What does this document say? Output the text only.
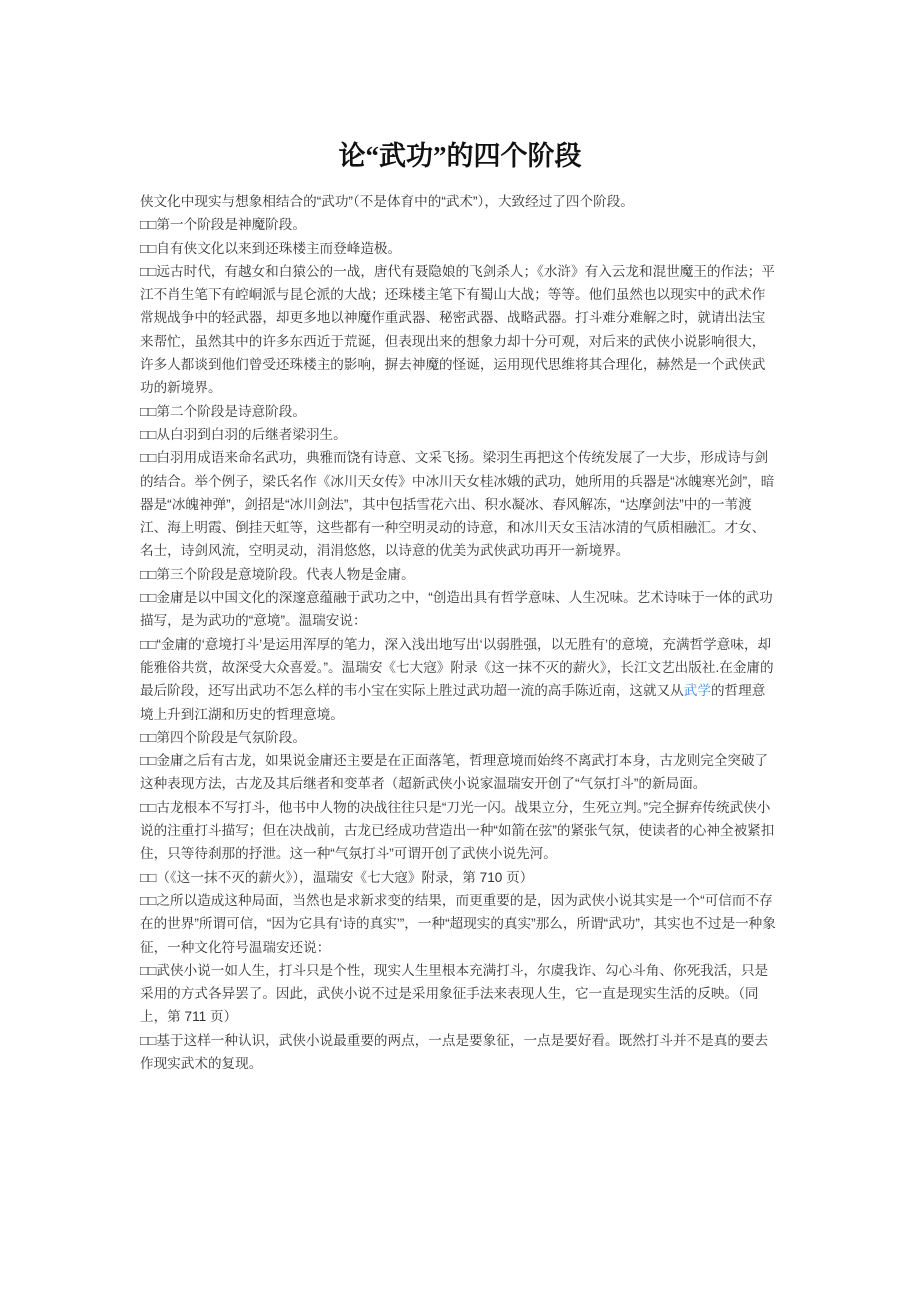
论“武功”的四个阶段

侠文化中现实与想象相结合的“武功”（不是体育中的“武术”），大致经过了四个阶段。

□□第一个阶段是神魔阶段。

□□自有侠文化以来到还珠楼主而登峰造极。

□□远古时代，有越女和白猿公的一战，唐代有聂隐娘的飞剑杀人；《水浒》有入云龙和混世魔王的作法；平江不肖生笔下有崆峒派与昆仑派的大战；还珠楼主笔下有蜀山大战；等等。他们虽然也以现实中的武术作常规战争中的轻武器，却更多地以神魔作重武器、秘密武器、战略武器。打斗难分难解之时，就请出法宝来帮忙，虽然其中的许多东西近于荒诞，但表现出来的想象力却十分可观，对后来的武侠小说影响很大，许多人都谈到他们曾受还珠楼主的影响，摒去神魔的怪诞，运用现代思维将其合理化，赫然是一个武侠武功的新境界。

□□第二个阶段是诗意阶段。

□□从白羽到白羽的后继者梁羽生。

□□白羽用成语来命名武功，典雅而饶有诗意、文采飞扬。梁羽生再把这个传统发展了一大步，形成诗与剑的结合。举个例子，梁氏名作《冰川天女传》中冰川天女桂冰娥的武功，她所用的兵器是“冰魄寒光剑”，暗器是“冰魄神弹”，剑招是“冰川剑法”，其中包括雪花六出、积水凝冰、春风解冻，“达摩剑法”中的一苇渡江、海上明霞、倒挂天虹等，这些都有一种空明灵动的诗意，和冰川天女玉洁冰清的气质相融汇。才女、名士，诗剑风流，空明灵动，涓涓悠悠，以诗意的优美为武侠武功再开一新境界。

□□第三个阶段是意境阶段。代表人物是金庸。

□□金庸是以中国文化的深邃意蕴融于武功之中，“创造出具有哲学意味、人生况味。艺术诗味于一体的武功描写，是为武功的“意境”。温瑞安说：

□□“金庸的‘意境打斗’是运用浑厚的笔力，深入浅出地写出‘以弱胜强，以无胜有’的意境，充满哲学意味，却能雅俗共赏，故深受大众喜爱。”。温瑞安《七大寇》附录《这一抹不灭的薪火》，长江文艺出版社.在金庸的最后阶段，还写出武功不怎么样的韦小宝在实际上胜过武功超一流的高手陈近南，这就又从武学的哲理意境上升到江湖和历史的哲理意境。

□□第四个阶段是气氛阶段。

□□金庸之后有古龙，如果说金庸还主要是在正面落笔，哲理意境而始终不离武打本身，古龙则完全突破了这种表现方法，古龙及其后继者和变革者（超新武侠小说家温瑞安开创了“气氛打斗”的新局面。

□□古龙根本不写打斗，他书中人物的决战往往只是“刀光一闪。战果立分，生死立判。”完全摒弃传统武侠小说的注重打斗描写；但在决战前，古龙已经成功营造出一种“如箭在弦”的紧张气氛，使读者的心神全被紧扣住，只等待刹那的抒泄。这一种“气氛打斗”可谓开创了武侠小说先河。

□□（《这一抹不灭的薪火》），温瑞安《七大寇》附录，第 710 页）

□□之所以造成这种局面，当然也是求新求变的结果，而更重要的是，因为武侠小说其实是一个“可信而不存在的世界”所谓可信，“因为它具有‘诗的真实’”，一种“超现实的真实”那么，所谓“武功”，其实也不过是一种象征，一种文化符号温瑞安还说：

□□武侠小说一如人生，打斗只是个性，现实人生里根本充满打斗，尔虞我诈、勾心斗角、你死我活，只是采用的方式各异罢了。因此，武侠小说不过是采用象征手法来表现人生，它一直是现实生活的反映。（同上，第 711 页）

□□基于这样一种认识，武侠小说最重要的两点，一点是要象征，一点是要好看。既然打斗并不是真的要去作现实武术的复现。
